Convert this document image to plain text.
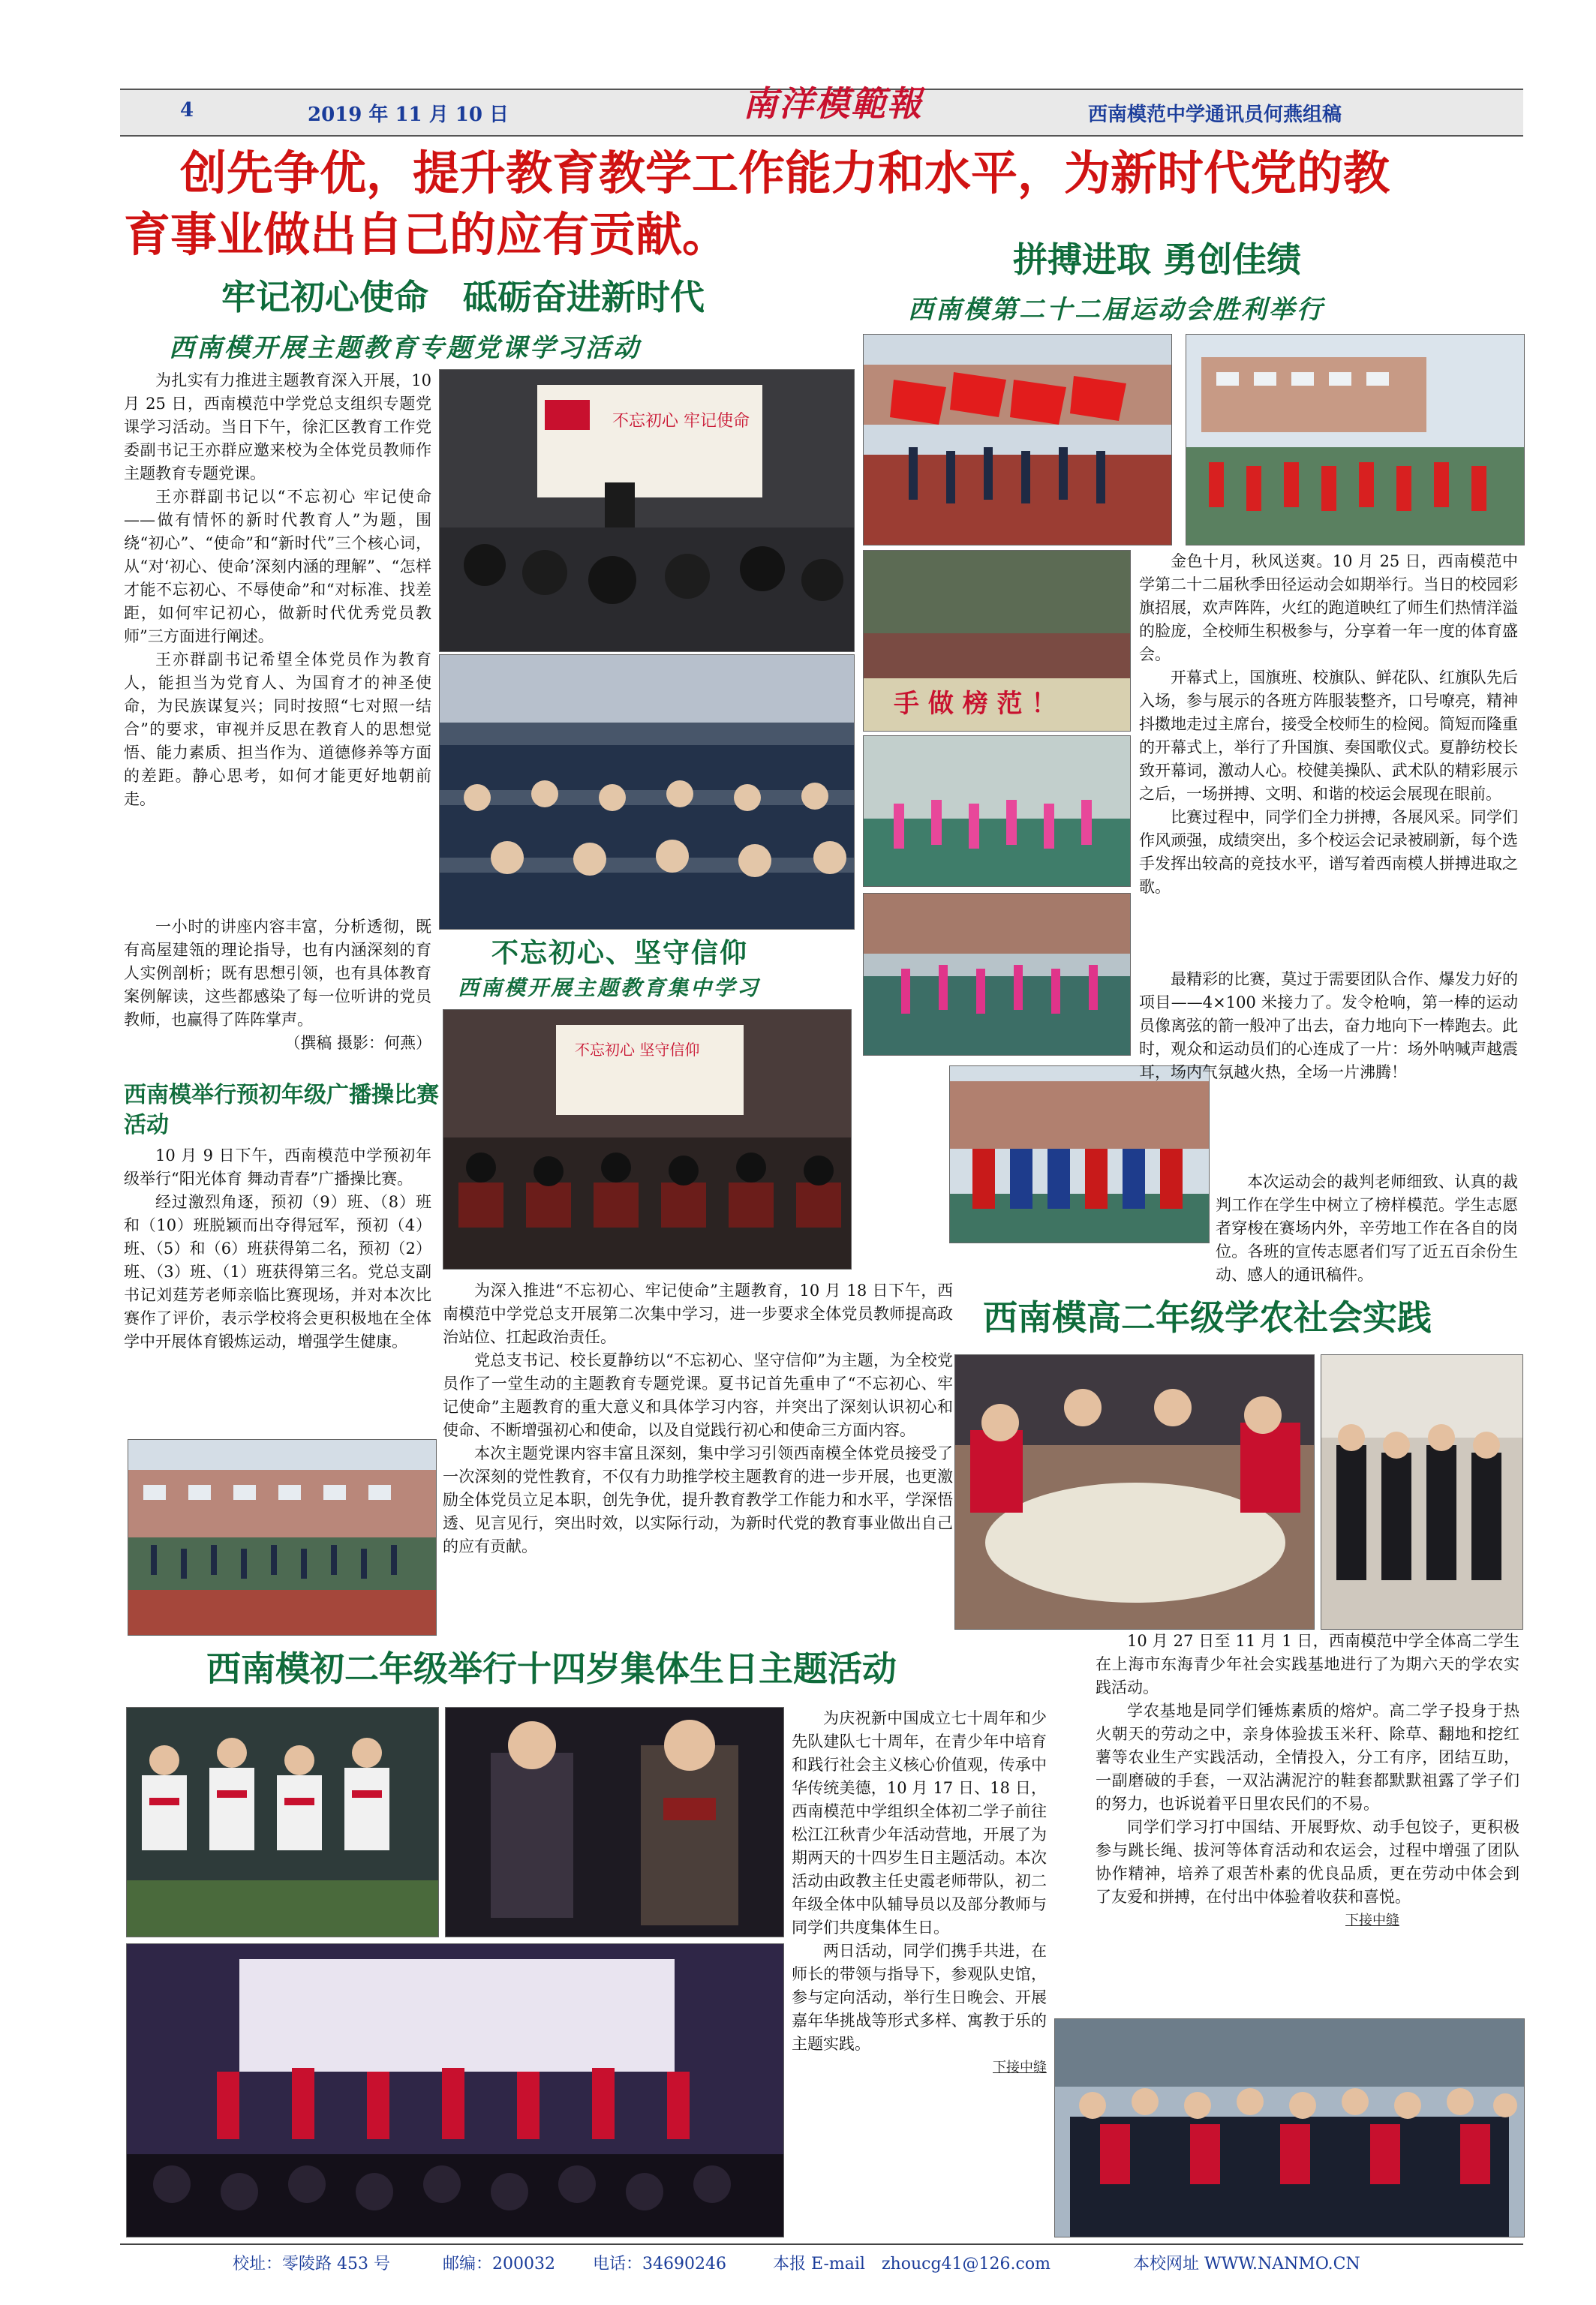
4	2019 年 11 月 10 日	西南模范中学通讯员何燕组稿
南洋模範報
创先争优，提升教育教学工作能力和水平，为新时代党的教
育事业做出自己的应有贡献。
牢记初心使命　砥砺奋进新时代
西南模开展主题教育专题党课学习活动

为扎实有力推进主题教育深入开展，10 月 25 日，西南模范中学党总支组织专题党课学习活动。当日下午，徐汇区教育工作党委副书记王亦群应邀来校为全体党员教师作主题教育专题党课。

王亦群副书记以“不忘初心 牢记使命——做有情怀的新时代教育人”为题，围绕“初心”、“使命”和“新时代”三个核心词，从“对‘初心、使命’深刻内涵的理解”、“怎样才能不忘初心、不辱使命”和“对标准、找差距，如何牢记初心，做新时代优秀党员教师”三方面进行阐述。

王亦群副书记希望全体党员作为教育人，能担当为党育人、为国育才的神圣使命，为民族谋复兴；同时按照“七对照一结合”的要求，审视并反思在教育人的思想觉悟、能力素质、担当作为、道德修养等方面的差距。静心思考，如何才能更好地朝前走。

一小时的讲座内容丰富，分析透彻，既有高屋建瓴的理论指导，也有内涵深刻的育人实例剖析；既有思想引领，也有具体教育案例解读，这些都感染了每一位听讲的党员教师，也赢得了阵阵掌声。

（撰稿 摄影：何燕）
不忘初心 牢记使命
西南模举行预初年级广播操比赛活动

10 月 9 日下午，西南模范中学预初年级举行“阳光体育 舞动青春”广播操比赛。

经过激烈角逐，预初（9）班、（8）班和（10）班脱颖而出夺得冠军，预初（4）班、（5）和（6）班获得第二名，预初（2）班、（3）班、（1）班获得第三名。党总支副书记刘莛芳老师亲临比赛现场，并对本次比赛作了评价，表示学校将会更积极地在全体学中开展体育锻炼运动，增强学生健康。

不忘初心、坚守信仰
西南模开展主题教育集中学习
不忘初心 坚守信仰

为深入推进“不忘初心、牢记使命”主题教育，10 月 18 日下午，西南模范中学党总支开展第二次集中学习，进一步要求全体党员教师提高政治站位、扛起政治责任。

党总支书记、校长夏静纺以“不忘初心、坚守信仰”为主题，为全校党员作了一堂生动的主题教育专题党课。夏书记首先重申了“不忘初心、牢记使命”主题教育的重大意义和具体学习内容，并突出了深刻认识初心和使命、不断增强初心和使命，以及自觉践行初心和使命三方面内容。

本次主题党课内容丰富且深刻，集中学习引领西南模全体党员接受了一次深刻的党性教育，不仅有力助推学校主题教育的进一步开展，也更激励全体党员立足本职，创先争优，提升教育教学工作能力和水平，学深悟透、见言见行，突出时效，以实际行动，为新时代党的教育事业做出自己的应有贡献。

拼搏进取 勇创佳绩
西南模第二十二届运动会胜利举行
手 做 榜 范 ！

金色十月，秋风送爽。10 月 25 日，西南模范中学第二十二届秋季田径运动会如期举行。当日的校园彩旗招展，欢声阵阵，火红的跑道映红了师生们热情洋溢的脸庞，全校师生积极参与，分享着一年一度的体育盛会。

开幕式上，国旗班、校旗队、鲜花队、红旗队先后入场，参与展示的各班方阵服装整齐，口号嘹亮，精神抖擞地走过主席台，接受全校师生的检阅。简短而隆重的开幕式上，举行了升国旗、奏国歌仪式。夏静纺校长致开幕词，激动人心。校健美操队、武术队的精彩展示之后，一场拼搏、文明、和谐的校运会展现在眼前。

比赛过程中，同学们全力拼搏，各展风采。同学们作风顽强，成绩突出，多个校运会记录被刷新，每个选手发挥出较高的竞技水平，谱写着西南模人拼搏进取之歌。

最精彩的比赛，莫过于需要团队合作、爆发力好的项目——4×100 米接力了。发令枪响，第一棒的运动员像离弦的箭一般冲了出去，奋力地向下一棒跑去。此时，观众和运动员们的心连成了一片：场外呐喊声越震耳，场内气氛越火热，全场一片沸腾！

本次运动会的裁判老师细致、认真的裁判工作在学生中树立了榜样模范。学生志愿者穿梭在赛场内外，辛劳地工作在各自的岗位。各班的宣传志愿者们写了近五百余份生动、感人的通讯稿件。

西南模高二年级学农社会实践

10 月 27 日至 11 月 1 日，西南模范中学全体高二学生在上海市东海青少年社会实践基地进行了为期六天的学农实践活动。

学农基地是同学们锤炼素质的熔炉。高二学子投身于热火朝天的劳动之中，亲身体验拔玉米秆、除草、翻地和挖红薯等农业生产实践活动，全情投入，分工有序，团结互助，一副磨破的手套，一双沾满泥泞的鞋套都默默祖露了学子们的努力，也诉说着平日里农民们的不易。

同学们学习打中国结、开展野炊、动手包饺子，更积极参与跳长绳、拔河等体育活动和农运会，过程中增强了团队协作精神，培养了艰苦朴素的优良品质，更在劳动中体会到了友爱和拼搏，在付出中体验着收获和喜悦。

下接中缝
西南模初二年级举行十四岁集体生日主题活动

为庆祝新中国成立七十周年和少先队建队七十周年，在青少年中培育和践行社会主义核心价值观，传承中华传统美德，10 月 17 日、18 日，西南模范中学组织全体初二学子前往松江江秋青少年活动营地，开展了为期两天的十四岁生日主题活动。本次活动由政教主任史霞老师带队，初二年级全体中队辅导员以及部分教师与同学们共度集体生日。

两日活动，同学们携手共进，在师长的带领与指导下，参观队史馆，参与定向活动，举行生日晚会、开展嘉年华挑战等形式多样、寓教于乐的主题实践。

下接中缝
校址：零陵路 453 号	邮编：200032 电话：34690246	本报 E-mail　zhoucg41@126.com	本校网址 WWW.NANMO.CN
